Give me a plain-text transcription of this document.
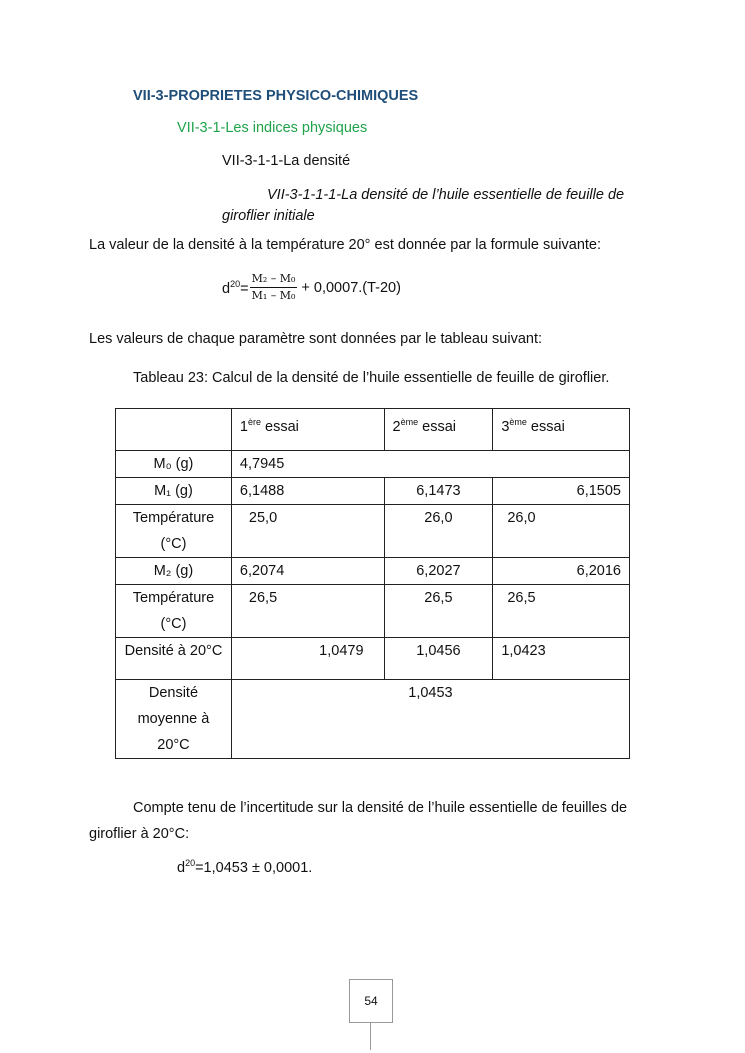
VII-3-PROPRIETES PHYSICO-CHIMIQUES
VII-3-1-Les indices physiques
VII-3-1-1-La densité
VII-3-1-1-1-La densité de l’huile essentielle de feuille de giroflier initiale
La valeur de la densité à la température 20° est donnée par la formule suivante:
$d^{20}= \frac{\text{M₂ – M₀}}{\text{M₁ – M₀}} + 0,0007.(T-20)$
Les valeurs de chaque paramètre sont données par le tableau suivant:
Tableau 23: Calcul de la densité de l’huile essentielle de feuille de giroflier.
	1ère essai	2ème essai	3ème essai
M₀ (g)	4,7945		
M₁ (g)	6,1488	6,1473	6,1505
Température (°C)	25,0	26,0	26,0
M₂ (g)	6,2074	6,2027	6,2016
Température (°C)	26,5	26,5	26,5
Densité à 20°C	1,0479	1,0456	1,0423
Densité moyenne à 20°C	1,0453		
Compte tenu de l’incertitude sur la densité de l’huile essentielle de feuilles de giroflier à 20°C:
$d^{20}=1,0453 \pm 0,0001$.
54
